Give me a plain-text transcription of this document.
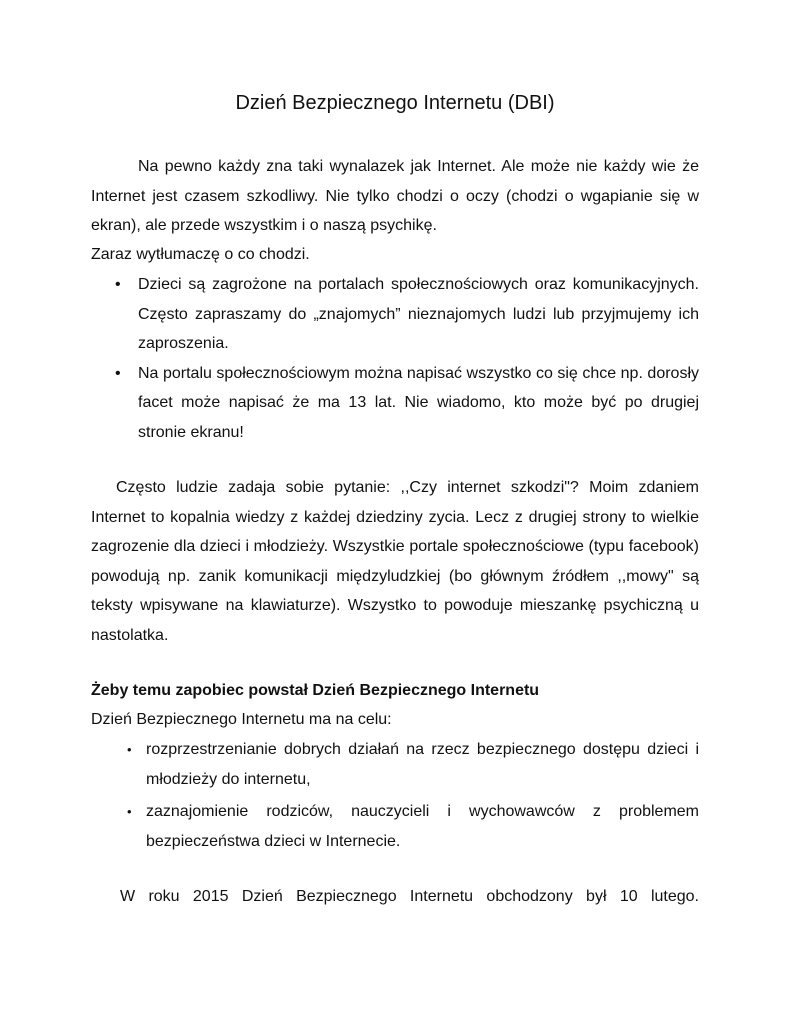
Dzień Bezpiecznego Internetu (DBI)

Na pewno każdy zna taki wynalazek jak Internet. Ale może nie każdy wie że Internet jest czasem szkodliwy. Nie tylko chodzi o oczy (chodzi o wgapianie się w ekran), ale przede wszystkim i o naszą psychikę.

Zaraz wytłumaczę o co chodzi.

• Dzieci są zagrożone na portalach społecznościowych oraz komunikacyjnych. Często zapraszamy do „znajomych” nieznajomych ludzi lub przyjmujemy ich zaproszenia.
• Na portalu społecznościowym można napisać wszystko co się chce np. dorosły facet może napisać że ma 13 lat. Nie wiadomo, kto może być po drugiej stronie ekranu!

Często ludzie zadaja sobie pytanie: ,,Czy internet szkodzi"? Moim zdaniem Internet to kopalnia wiedzy z każdej dziedziny zycia. Lecz z drugiej strony to wielkie zagrozenie dla dzieci i młodzieży. Wszystkie portale społecznościowe (typu facebook) powodują np. zanik komunikacji międzyludzkiej (bo głównym źródłem ,,mowy" są teksty wpisywane na klawiaturze). Wszystko to powoduje mieszankę psychiczną u nastolatka.

Żeby temu zapobiec powstał Dzień Bezpiecznego Internetu

Dzień Bezpiecznego Internetu ma na celu:

• rozprzestrzenianie dobrych działań na rzecz bezpiecznego dostępu dzieci i młodzieży do internetu,
• zaznajomienie rodziców, nauczycieli i wychowawców z problemem bezpieczeństwa dzieci w Internecie.

W roku 2015 Dzień Bezpiecznego Internetu obchodzony był 10 lutego.
